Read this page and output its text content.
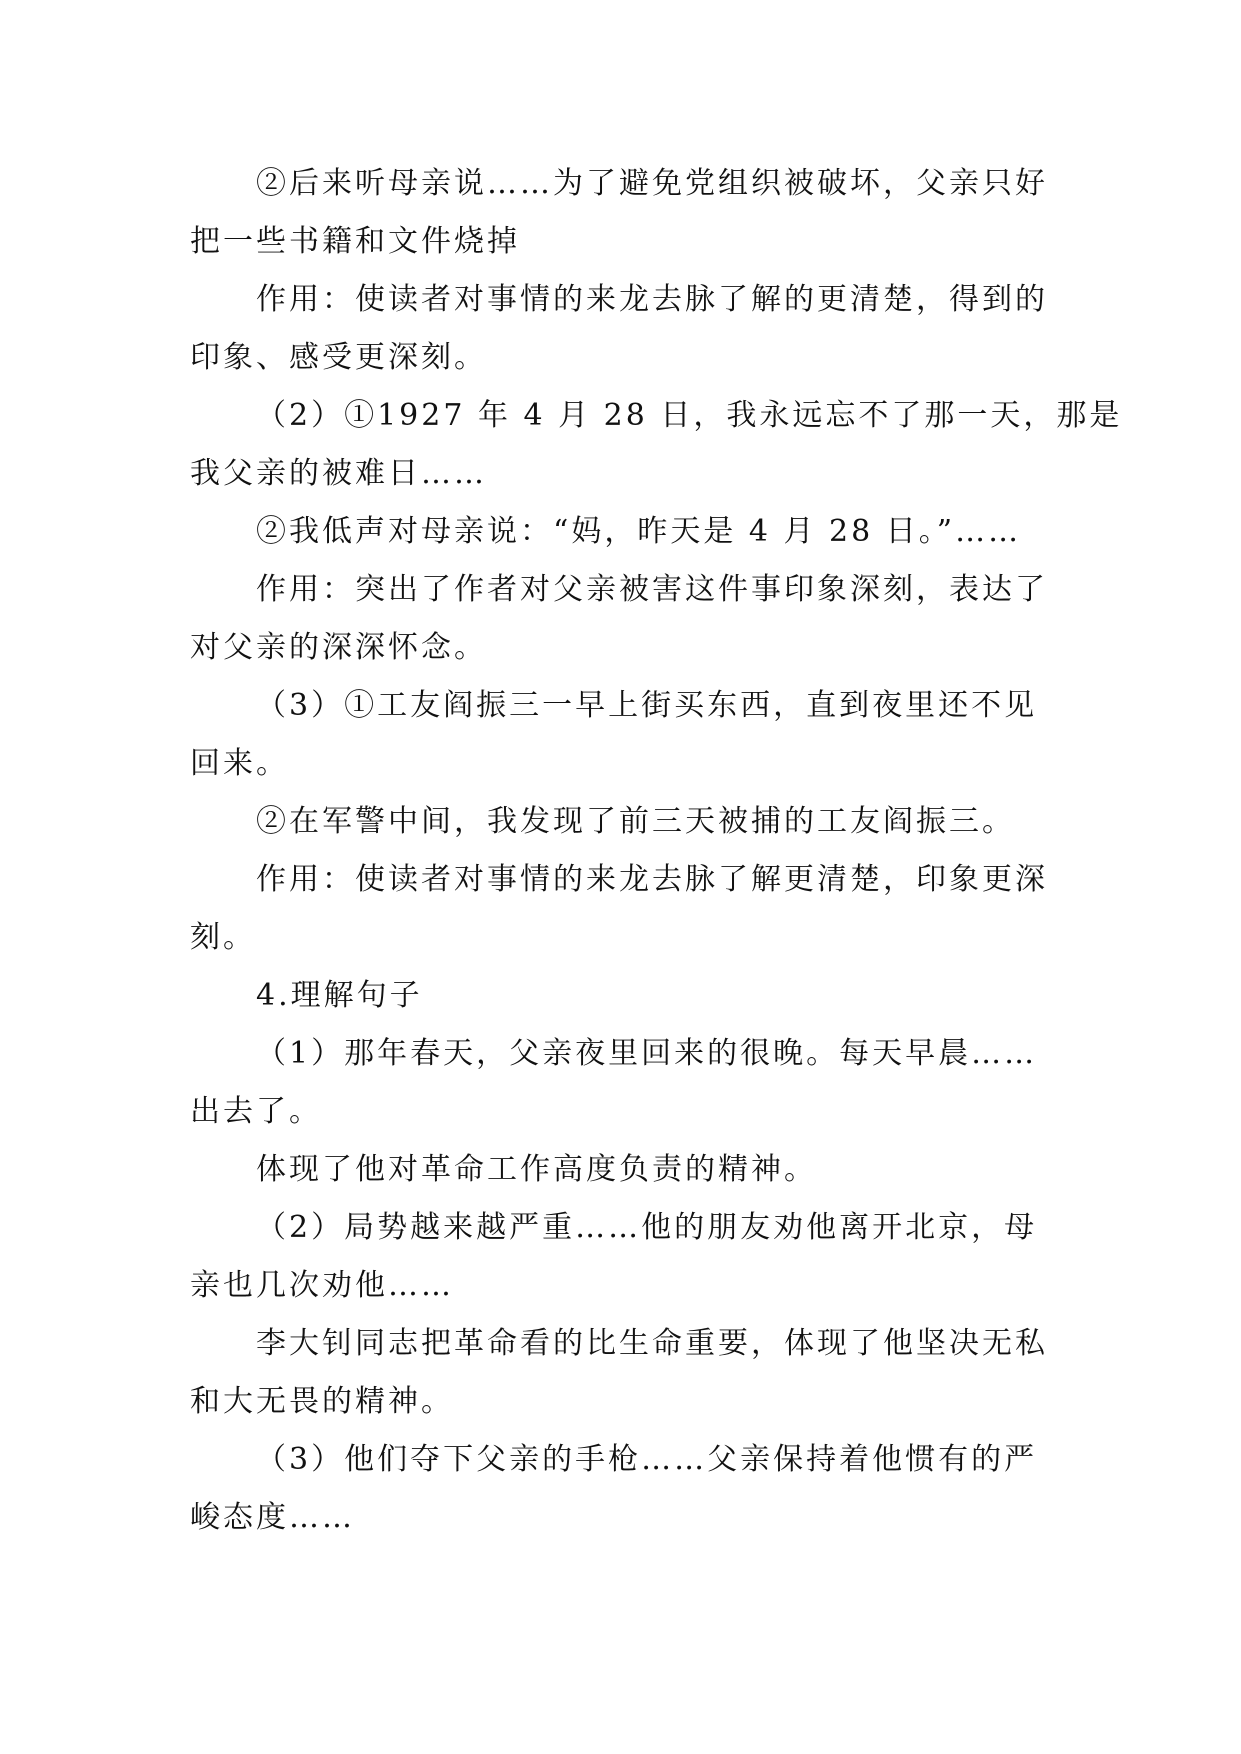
②后来听母亲说……为了避免党组织被破坏，父亲只好

把一些书籍和文件烧掉

作用：使读者对事情的来龙去脉了解的更清楚，得到的

印象、感受更深刻。

（2）①1927 年 4 月 28 日，我永远忘不了那一天，那是

我父亲的被难日……

②我低声对母亲说：“妈，昨天是 4 月 28 日。”……

作用：突出了作者对父亲被害这件事印象深刻，表达了

对父亲的深深怀念。

（3）①工友阎振三一早上街买东西，直到夜里还不见

回来。

②在军警中间，我发现了前三天被捕的工友阎振三。

作用：使读者对事情的来龙去脉了解更清楚，印象更深

刻。

4.理解句子

（1）那年春天，父亲夜里回来的很晚。每天早晨……

出去了。

体现了他对革命工作高度负责的精神。

（2）局势越来越严重……他的朋友劝他离开北京，母

亲也几次劝他……

李大钊同志把革命看的比生命重要，体现了他坚决无私

和大无畏的精神。

（3）他们夺下父亲的手枪……父亲保持着他惯有的严

峻态度……
